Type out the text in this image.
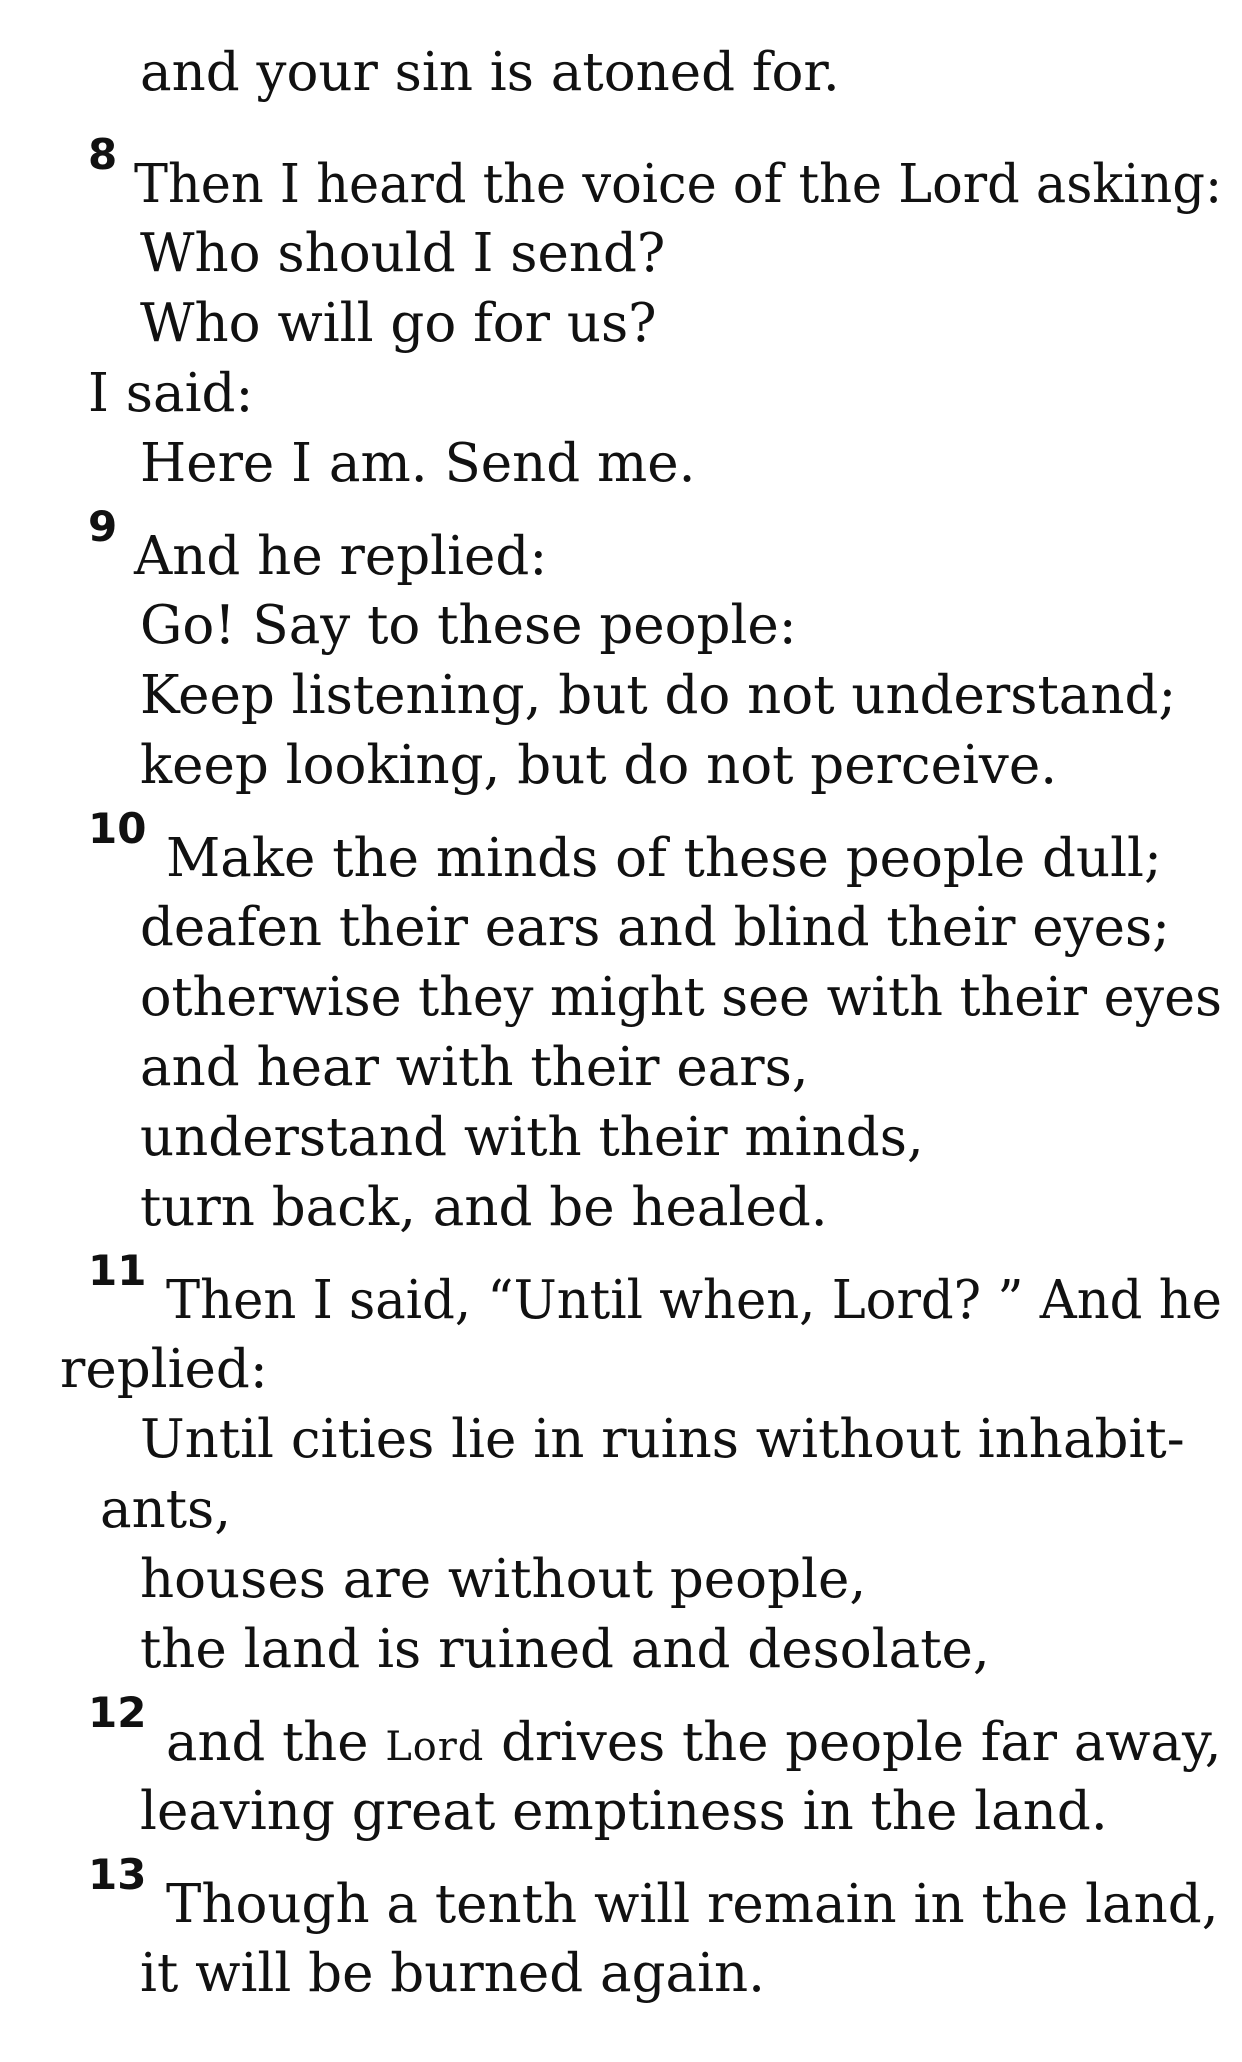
and your sin is atoned for.
8 Then I heard the voice of the Lord asking:
Who should I send?
Who will go for us?
I said:
Here I am. Send me.
9 And he replied:
Go! Say to these people:
Keep listening, but do not understand;
keep looking, but do not perceive.
10 Make the minds of these people dull;
deafen their ears and blind their eyes;
otherwise they might see with their eyes
and hear with their ears,
understand with their minds,
turn back, and be healed.
11 Then I said, “Until when, Lord? ” And he
replied:
Until cities lie in ruins without inhabit-
ants,
houses are without people,
the land is ruined and desolate,
12 and the Lord drives the people far away,
leaving great emptiness in the land.
13 Though a tenth will remain in the land,
it will be burned again.
